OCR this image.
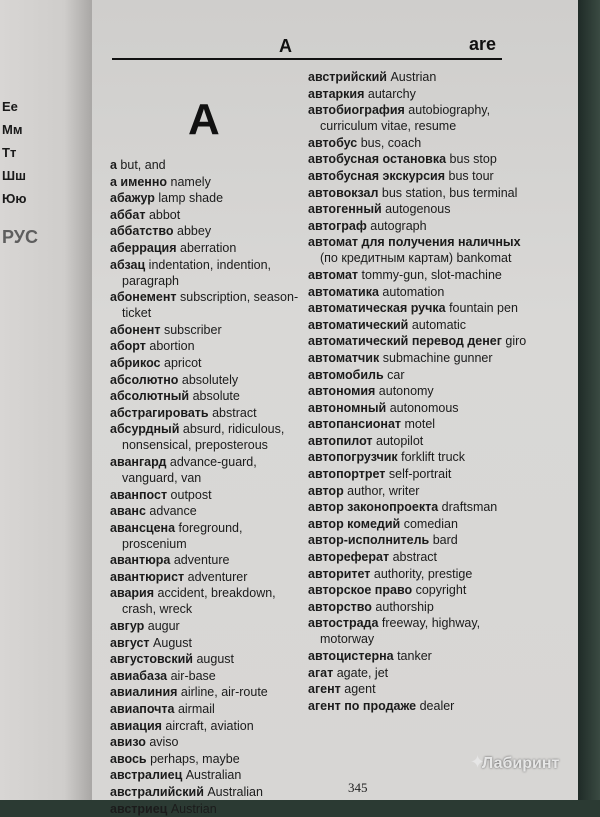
Ee
Мм
Тт
Шш
Юю
РУС
A	are
A
а but, and
а именно namely
абажур lamp shade
аббат abbot
аббатство abbey
аберрация aberration
абзац indentation, indention, paragraph
абонемент subscription, season-ticket
абонент subscriber
аборт abortion
абрикос apricot
абсолютно absolutely
абсолютный absolute
абстрагировать abstract
абсурдный absurd, ridiculous, nonsensical, preposterous
авангард advance-guard, vanguard, van
аванпост outpost
аванс advance
авансцена foreground, proscenium
авантюра adventure
авантюрист adventurer
авария accident, breakdown, crash, wreck
авгур augur
август August
августовский august
авиабаза air-base
авиалиния airline, air-route
авиапочта airmail
авиация aircraft, aviation
авизо aviso
авось perhaps, maybe
австралиец Australian
австралийский Australian
австриец Austrian
австрийский Austrian
автаркия autarchy
автобиография autobiography, curriculum vitae, resume
автобус bus, coach
автобусная остановка bus stop
автобусная экскурсия bus tour
автовокзал bus station, bus terminal
автогенный autogenous
автограф autograph
автомат для получения наличных (по кредитным картам) bankomat
автомат tommy-gun, slot-machine
автоматика automation
автоматическая ручка fountain pen
автоматический automatic
автоматический перевод денег giro
автоматчик submachine gunner
автомобиль car
автономия autonomy
автономный autonomous
автопансионат motel
автопилот autopilot
автопогрузчик forklift truck
автопортрет self-portrait
автор author, writer
автор законопроекта draftsman
автор комедий comedian
автор-исполнитель bard
автореферат abstract
авторитет authority, prestige
авторское право copyright
авторство authorship
автострада freeway, highway, motorway
автоцистерна tanker
агат agate, jet
агент agent
агент по продаже dealer
345
✦
Лабиринт
